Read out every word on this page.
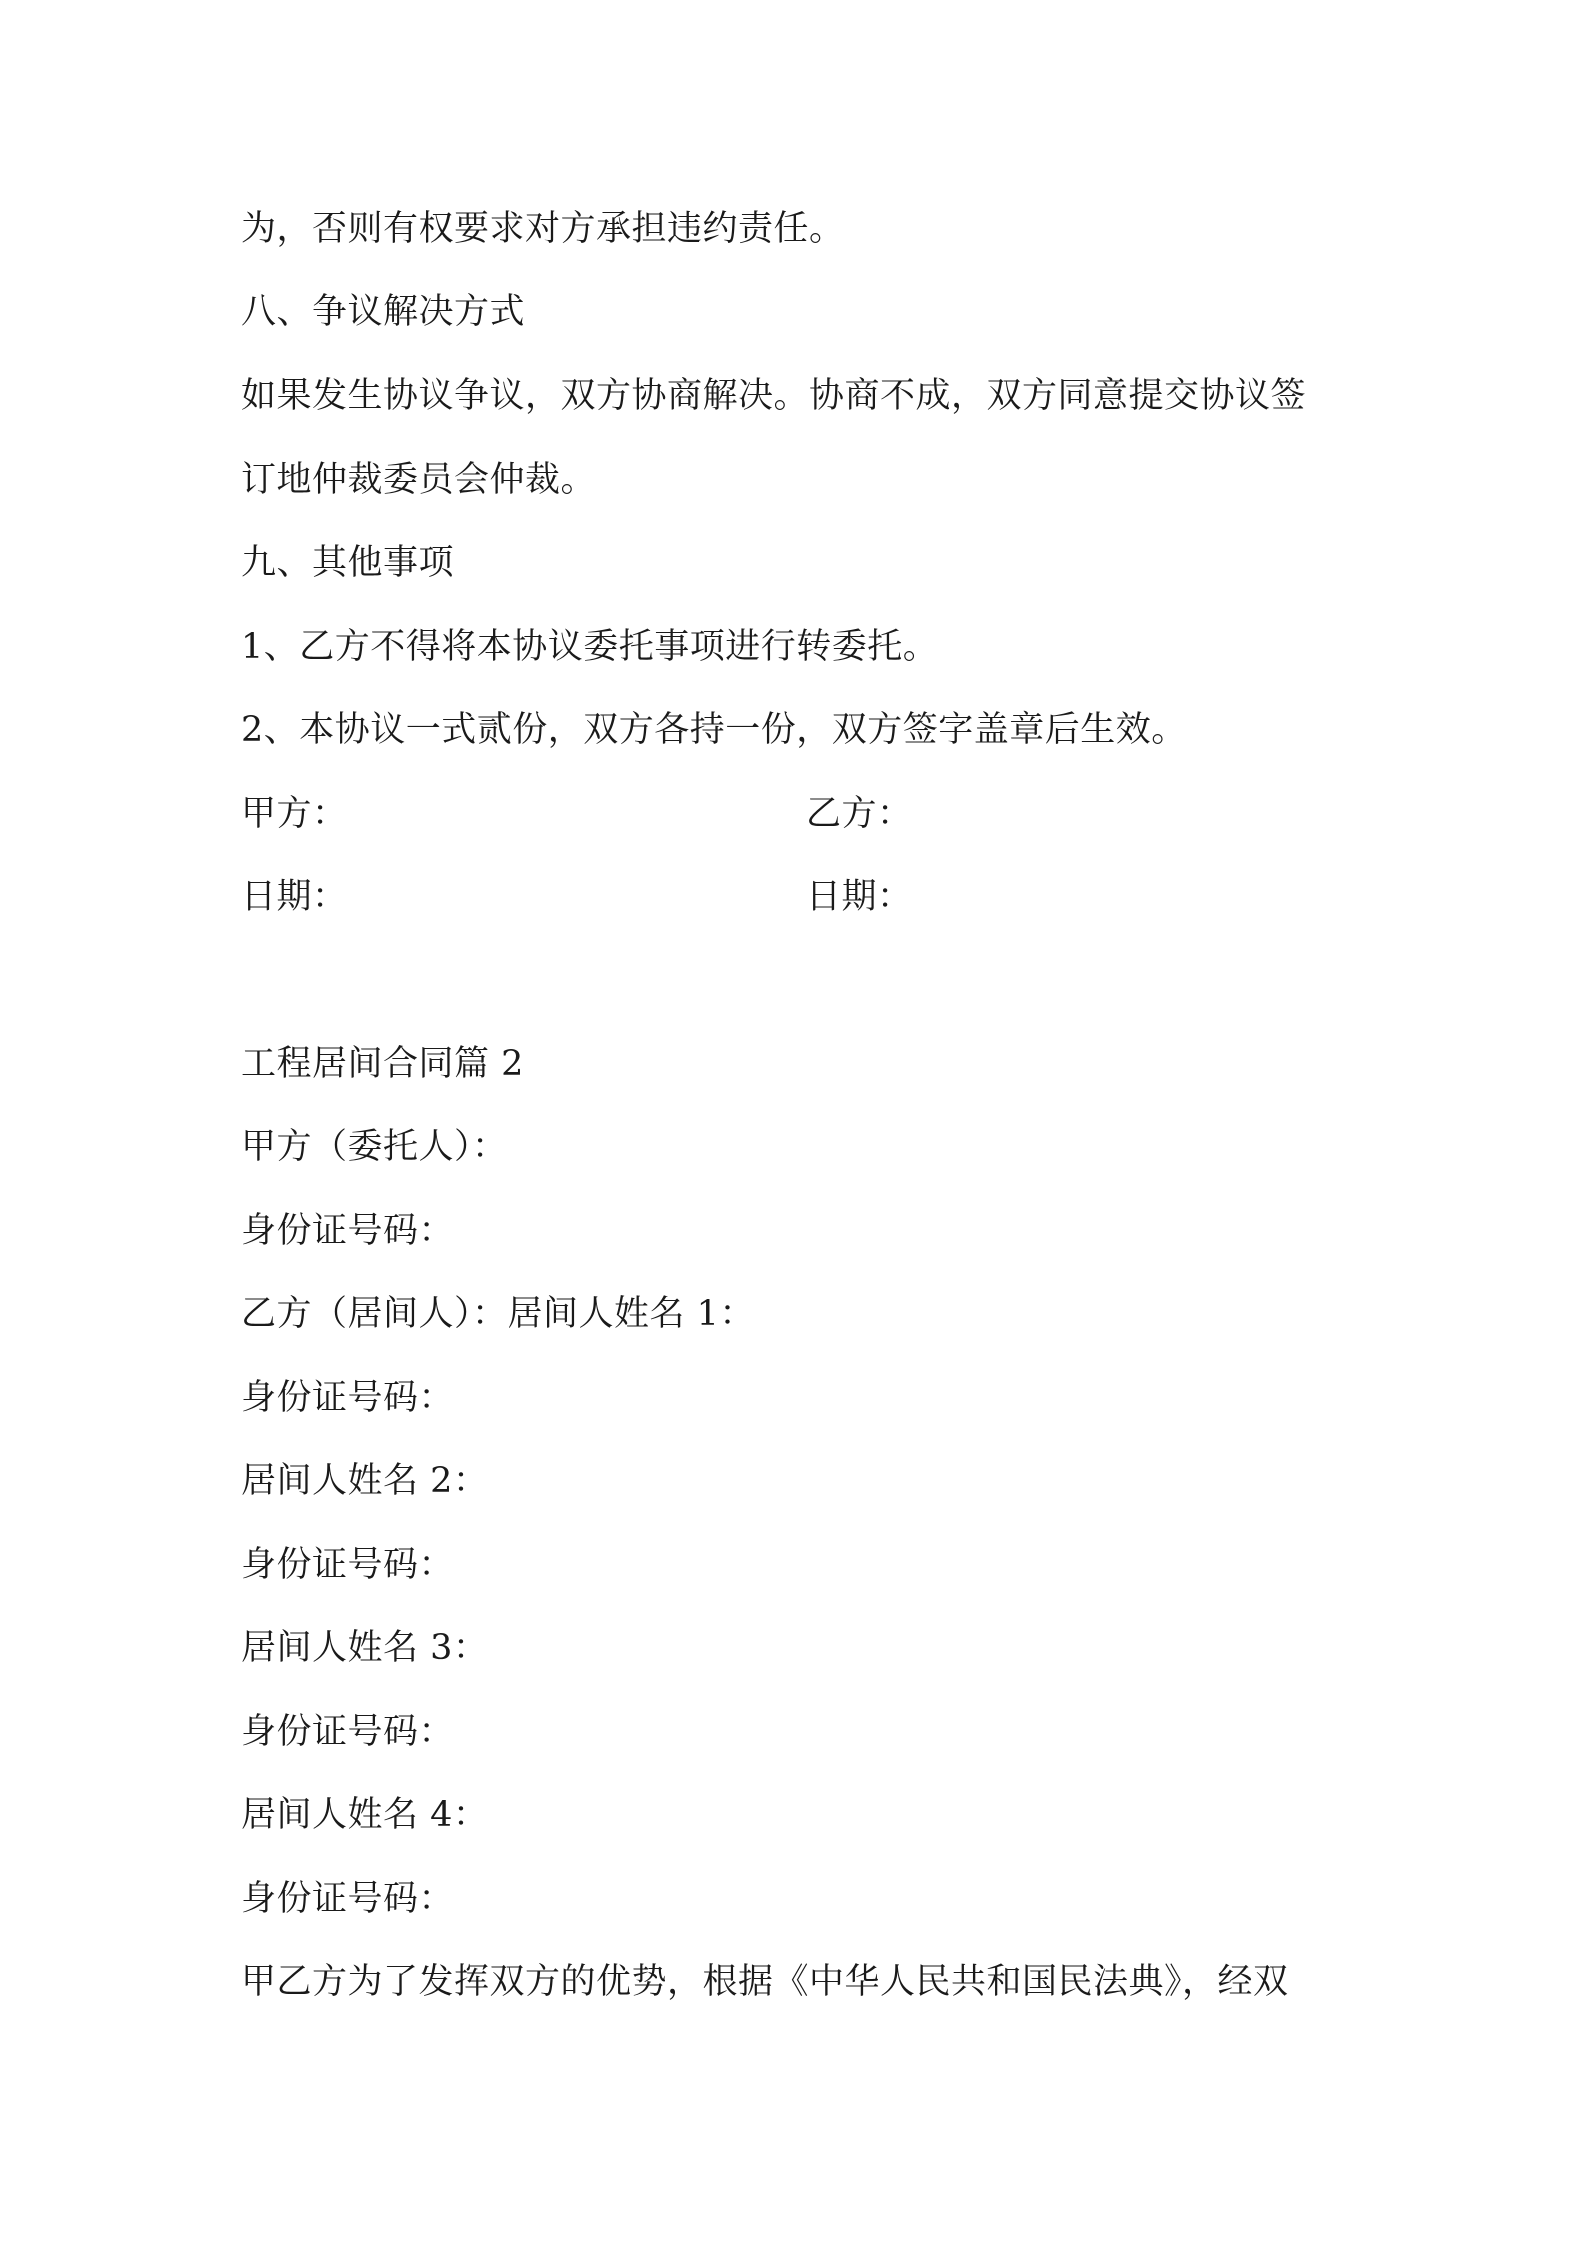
为，否则有权要求对方承担违约责任。
八、争议解决方式
如果发生协议争议，双方协商解决。协商不成，双方同意提交协议签
订地仲裁委员会仲裁。
九、其他事项
1、乙方不得将本协议委托事项进行转委托。
2、本协议一式贰份，双方各持一份，双方签字盖章后生效。
甲方：	乙方：
日期：	日期：
工程居间合同篇 2
甲方（委托人）：
身份证号码：
乙方（居间人）：居间人姓名 1：
身份证号码：
居间人姓名 2：
身份证号码：
居间人姓名 3：
身份证号码：
居间人姓名 4：
身份证号码：
甲乙方为了发挥双方的优势，根据《中华人民共和国民法典》，经双
